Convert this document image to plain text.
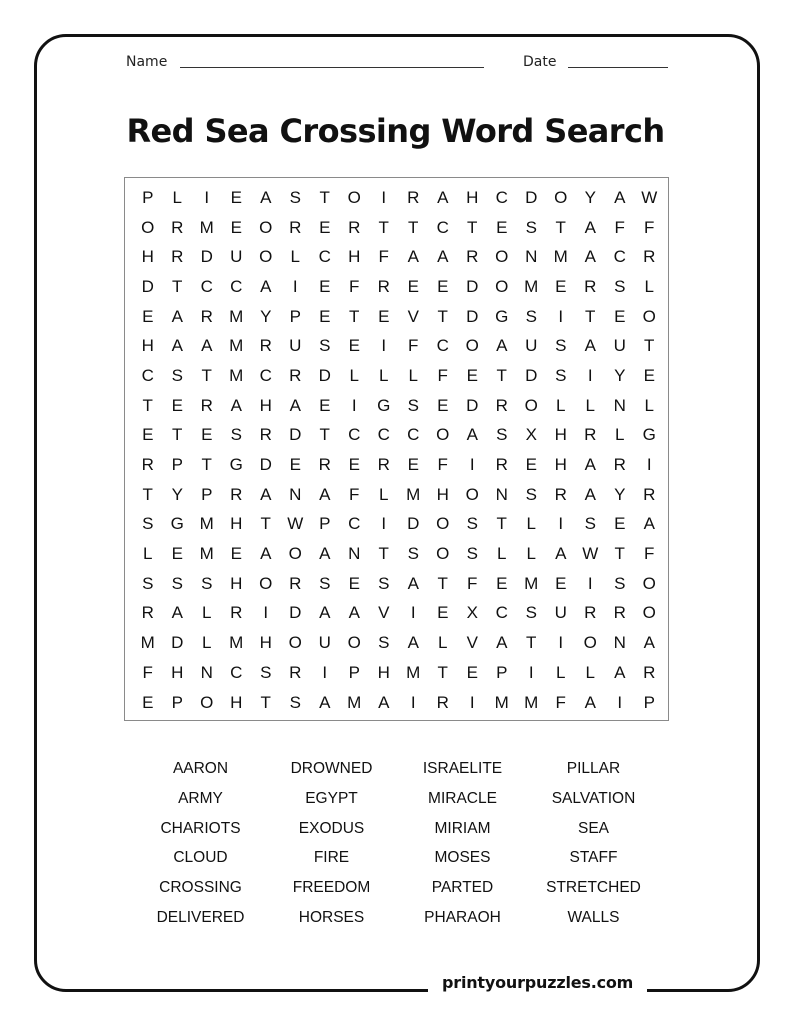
Name	Date
Red Sea Crossing Word Search
P	L	I	E	A	S	T	O	I	R	A	H	C	D O	Y	A W
O R M E	O R	E	R	T	T	C	T	E	S	T	A	F	F
H	R	D	U O	L	C	H	F	A	A	R O N M A	C	R
D	T	C	C	A	I	E	F	R	E	E	D O M E	R	S	L
E	A	R M Y	P	E	T	E	V	T	D G	S	I	T	E	O
H	A	A M R	U	S	E	I	F	C O	A	U	S	A	U	T
C	S	T	M C	R	D	L	L	L	F	E	T	D	S	I	Y	E
T	E	R	A	H	A	E	I	G	S	E	D	R O	L	L	N	L
E	T	E	S	R	D	T	C	C	C O	A	S	X	H	R	L	G
R	P	T	G D	E	R	E	R	E	F	I	R	E	H	A	R	I
T	Y	P	R	A	N	A	F	L	M H O N	S	R	A	Y	R
S	G M H	T W P	C	I	D O	S	T	L	I	S	E	A
L	E M E	A	O	A	N	T	S	O	S	L	L	A W T	F
S	S	S	H O R	S	E	S	A	T	F	E M E	I	S	O
R	A	L	R	I	D	A	A	V	I	E	X	C	S	U	R	R O
M D	L	M H O U O	S	A	L	V	A	T	I	O N	A
F	H	N	C	S	R	I	P	H M	T	E	P	I	L	L	A	R
E	P	O H	T	S	A M A	I	R	I	M M	F	A	I	P
AARON	DROWNED	ISRAELITE	PILLAR
ARMY	EGYPT	MIRACLE	SALVATION
CHARIOTS	EXODUS	MIRIAM	SEA
CLOUD	FIRE	MOSES	STAFF
CROSSING	FREEDOM	PARTED	STRETCHED
DELIVERED	HORSES	PHARAOH	WALLS
printyourpuzzles.com
